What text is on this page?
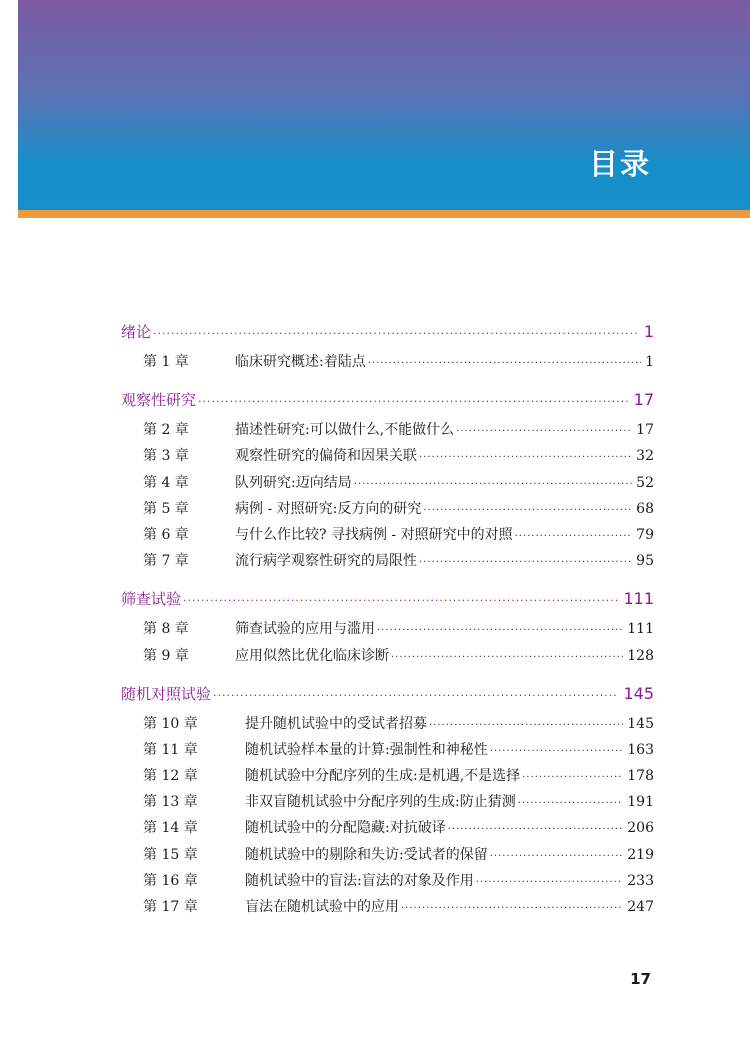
目录
绪论 ·····	1
第 1 章	临床研究概述:着陆点 ·····	1
观察性研究 ·····	17
第 2 章	描述性研究:可以做什么,不能做什么 ·····	17
第 3 章	观察性研究的偏倚和因果关联 ·····	32
第 4 章	队列研究:迈向结局 ·····	52
第 5 章	病例 - 对照研究:反方向的研究 ·····	68
第 6 章	与什么作比较? 寻找病例 - 对照研究中的对照 ·····	79
第 7 章	流行病学观察性研究的局限性 ·····	95
筛查试验 ·····	111
第 8 章	筛查试验的应用与滥用 ·····	111
第 9 章	应用似然比优化临床诊断 ·····	128
随机对照试验 ·····	145
第 10 章	提升随机试验中的受试者招募 ·····	145
第 11 章	随机试验样本量的计算:强制性和神秘性 ·····	163
第 12 章	随机试验中分配序列的生成:是机遇,不是选择 ·····	178
第 13 章	非双盲随机试验中分配序列的生成:防止猜测 ·····	191
第 14 章	随机试验中的分配隐藏:对抗破译 ·····	206
第 15 章	随机试验中的剔除和失访:受试者的保留 ·····	219
第 16 章	随机试验中的盲法:盲法的对象及作用 ·····	233
第 17 章	盲法在随机试验中的应用 ·····	247
17
